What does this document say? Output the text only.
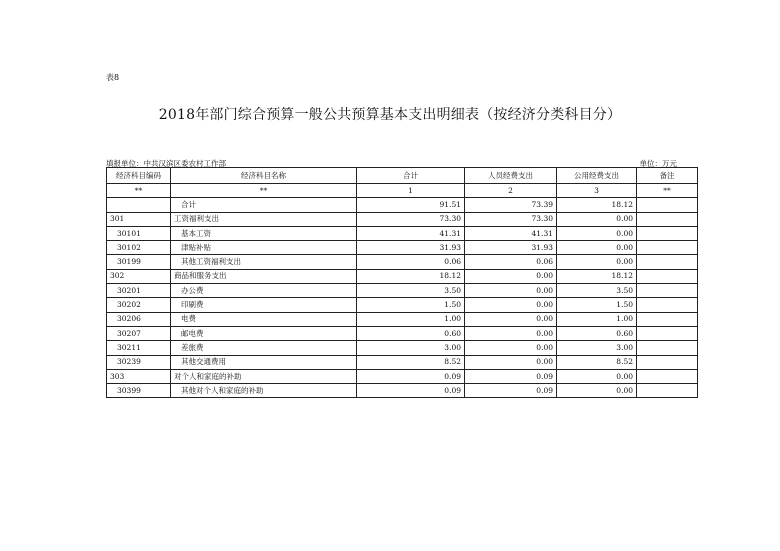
表8
2018年部门综合预算一般公共预算基本支出明细表（按经济分类科目分）
填报单位：中共汉滨区委农村工作部	单位：万元
经济科目编码	经济科目名称	合计	人员经费支出	公用经费支出	备注
**	**	1	2	3	**
	合计	91.51	73.39	18.12	
301	工资福利支出	73.30	73.30	0.00	
30101	基本工资	41.31	41.31	0.00	
30102	津贴补贴	31.93	31.93	0.00	
30199	其他工资福利支出	0.06	0.06	0.00	
302	商品和服务支出	18.12	0.00	18.12	
30201	办公费	3.50	0.00	3.50	
30202	印刷费	1.50	0.00	1.50	
30206	电费	1.00	0.00	1.00	
30207	邮电费	0.60	0.00	0.60	
30211	差旅费	3.00	0.00	3.00	
30239	其他交通费用	8.52	0.00	8.52	
303	对个人和家庭的补助	0.09	0.09	0.00	
30399	其他对个人和家庭的补助	0.09	0.09	0.00	
